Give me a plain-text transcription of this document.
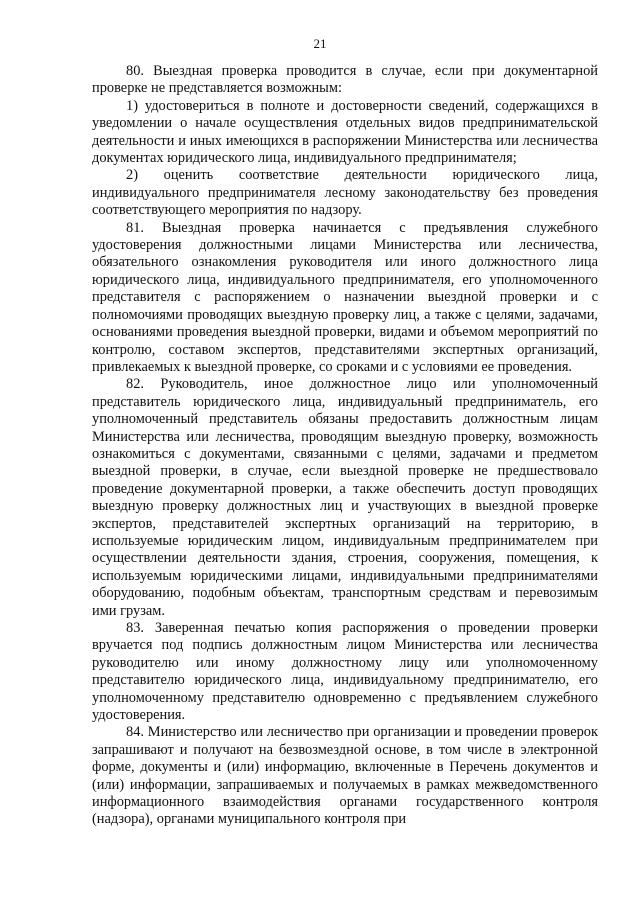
21

80. Выездная проверка проводится в случае, если при документарной проверке не представляется возможным:

1) удостовериться в полноте и достоверности сведений, содержащихся в уведомлении о начале осуществления отдельных видов предпринимательской деятельности и иных имеющихся в распоряжении Министерства или лесничества документах юридического лица, индивидуального предпринимателя;

2) оценить соответствие деятельности юридического лица, индивидуального предпринимателя лесному законодательству без проведения соответствующего мероприятия по надзору.

81. Выездная проверка начинается с предъявления служебного удостоверения должностными лицами Министерства или лесничества, обязательного ознакомления руководителя или иного должностного лица юридического лица, индивидуального предпринимателя, его уполномоченного представителя с распоряжением о назначении выездной проверки и с полномочиями проводящих выездную проверку лиц, а также с целями, задачами, основаниями проведения выездной проверки, видами и объемом мероприятий по контролю, составом экспертов, представителями экспертных организаций, привлекаемых к выездной проверке, со сроками и с условиями ее проведения.

82. Руководитель, иное должностное лицо или уполномоченный представитель юридического лица, индивидуальный предприниматель, его уполномоченный представитель обязаны предоставить должностным лицам Министерства или лесничества, проводящим выездную проверку, возможность ознакомиться с документами, связанными с целями, задачами и предметом выездной проверки, в случае, если выездной проверке не предшествовало проведение документарной проверки, а также обеспечить доступ проводящих выездную проверку должностных лиц и участвующих в выездной проверке экспертов, представителей экспертных организаций на территорию, в используемые юридическим лицом, индивидуальным предпринимателем при осуществлении деятельности здания, строения, сооружения, помещения, к используемым юридическими лицами, индивидуальными предпринимателями оборудованию, подобным объектам, транспортным средствам и перевозимым ими грузам.

83. Заверенная печатью копия распоряжения о проведении проверки вручается под подпись должностным лицом Министерства или лесничества руководителю или иному должностному лицу или уполномоченному представителю юридического лица, индивидуальному предпринимателю, его уполномоченному представителю одновременно с предъявлением служебного удостоверения.

84. Министерство или лесничество при организации и проведении проверок запрашивают и получают на безвозмездной основе, в том числе в электронной форме, документы и (или) информацию, включенные в Перечень документов и (или) информации, запрашиваемых и получаемых в рамках межведомственного информационного взаимодействия органами государственного контроля (надзора), органами муниципального контроля при
